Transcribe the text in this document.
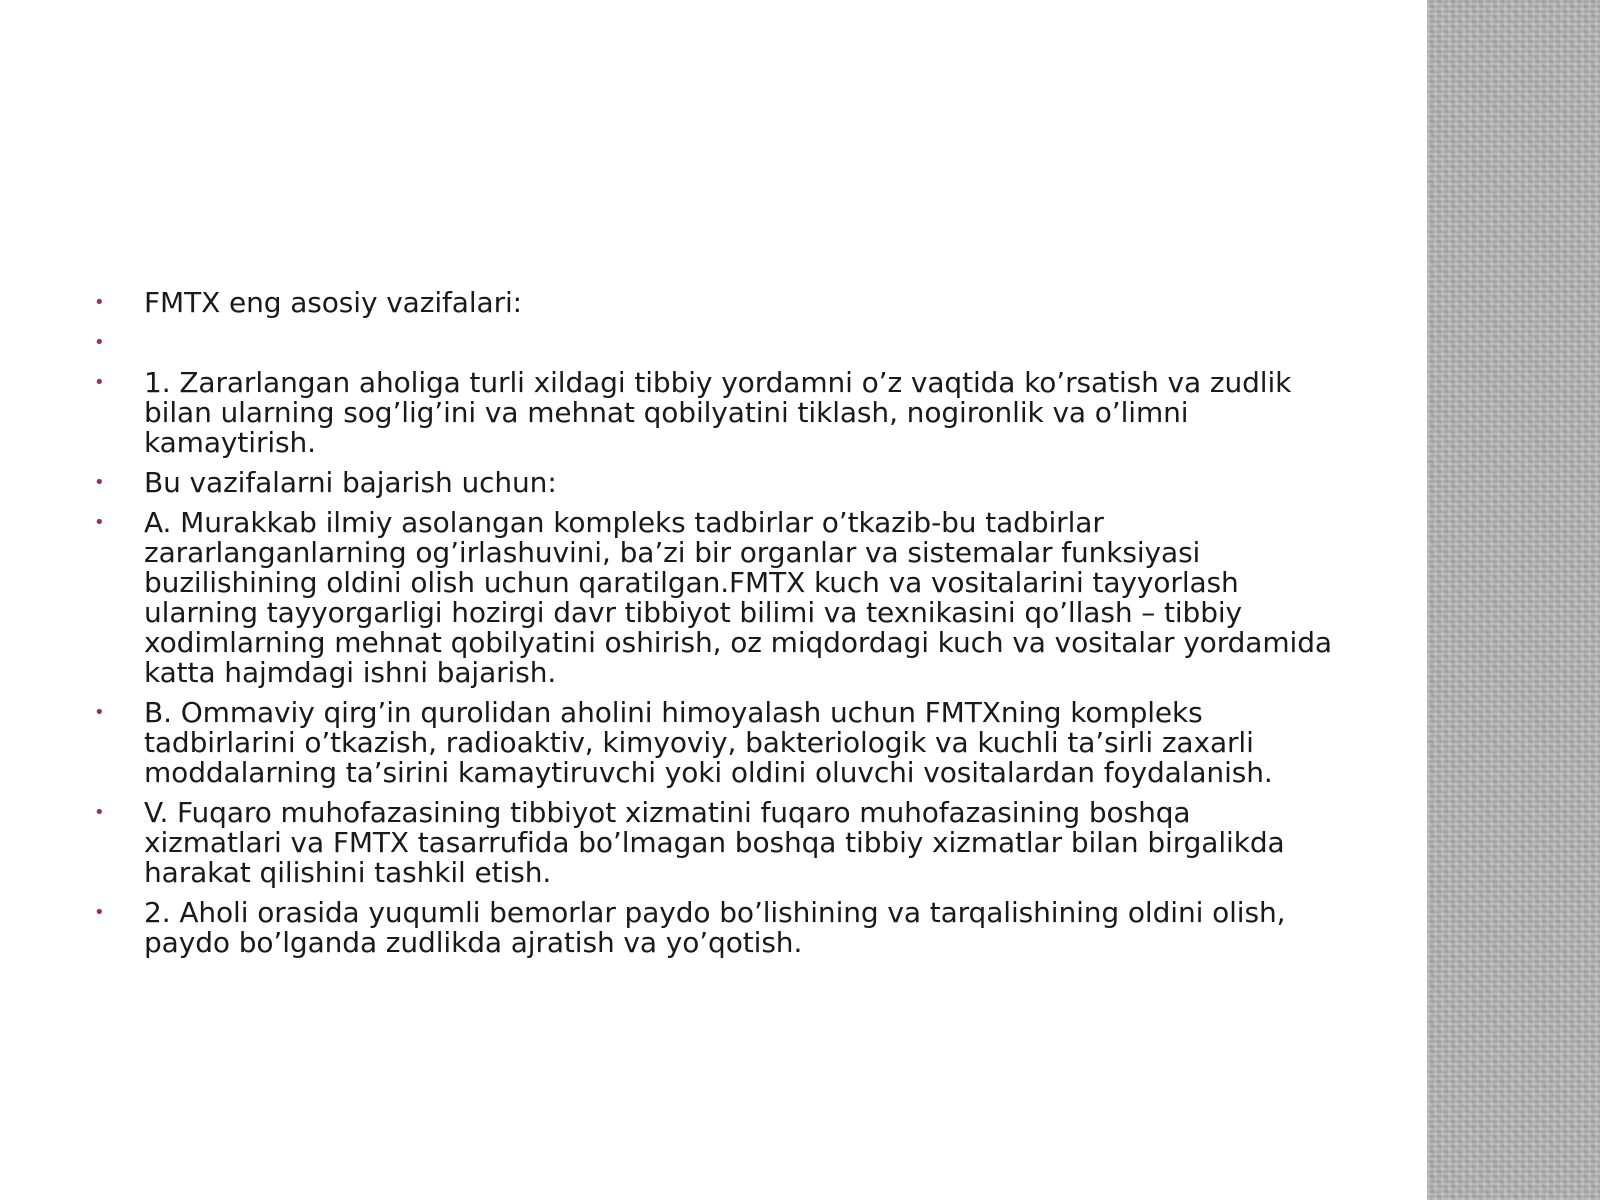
•	FMTX eng asosiy vazifalari:
•
•	1. Zararlangan aholiga turli xildagi tibbiy yordamni o’z vaqtida ko’rsatish va zudlik bilan ularning sog’lig’ini va mehnat qobilyatini tiklash, nogironlik va o’limni kamaytirish.
•	Bu vazifalarni bajarish uchun:
•	A. Murakkab ilmiy asolangan kompleks tadbirlar o’tkazib-bu tadbirlar zararlanganlarning og’irlashuvini, ba’zi bir organlar va sistemalar funksiyasi buzilishining oldini olish uchun qaratilgan.FMTX kuch va vositalarini tayyorlash ularning tayyorgarligi hozirgi davr tibbiyot bilimi va texnikasini qo’llash – tibbiy xodimlarning mehnat qobilyatini oshirish, oz miqdordagi kuch va vositalar yordamida katta hajmdagi ishni bajarish.
•	B. Ommaviy qirg’in qurolidan aholini himoyalash uchun FMTXning kompleks tadbirlarini o’tkazish, radioaktiv, kimyoviy, bakteriologik va kuchli ta’sirli zaxarli moddalarning ta’sirini kamaytiruvchi yoki oldini oluvchi vositalardan foydalanish.
•	V. Fuqaro muhofazasining tibbiyot xizmatini fuqaro muhofazasining boshqa xizmatlari va FMTX tasarrufida bo’lmagan boshqa tibbiy xizmatlar bilan birgalikda harakat qilishini tashkil etish.
•	2. Aholi orasida yuqumli bemorlar paydo bo’lishining va tarqalishining oldini olish, paydo bo’lganda zudlikda ajratish va yo’qotish.
